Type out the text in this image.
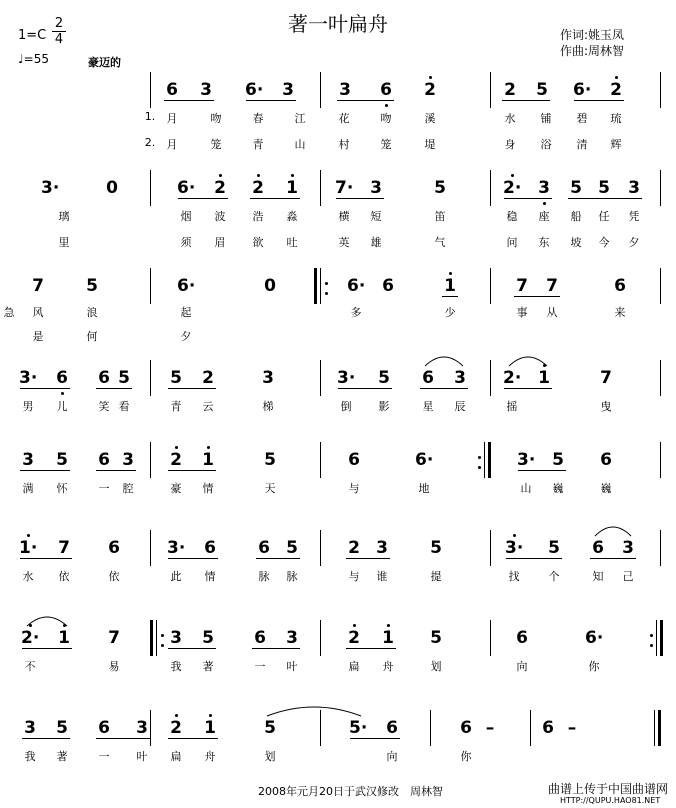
著一叶扁舟
1=C
2
4
♩=55	豪迈的
作词:姚玉凤
作曲:周林智
6 3 6· 3	3 6 2	2 5 6· 2
1.	月	吻	春	江	花	吻	溪	水	铺	碧	琉
2.	月	笼	青	山	村	笼	堤	身	浴	清	辉
3·	0	6· 2 2 1 7· 3	5	2· 3 5 5 3
璃	烟	波	浩	淼	横	短	笛	稳	座	船	任	凭
里	须	眉	欲	吐	英	雄	气	问	东	坡	今	夕
7 5	6·	0	6· 6	1	7 7	6
风	浪	起	多	少	事	从	来
急
是	何	夕
3· 6 6 5 5 2	3	3· 5 6 3 2· 1	7
男	儿	笑 看	青	云	梯	倒	影	星	辰	摇	曳
3 5 6 3 2 1	5	6	6·	3· 5 6
满	怀	一	腔	豪	情	天	与	地	山	巍	巍
1· 7 6	3· 6 6 5	2 3 5	3· 5 6 3
水	依	依	此	情	脉	脉	与	谁	提	找	个	知	己
2· 1 7	3 5 6 3	2 1 5	6	6·
不	易	我	著	一	叶	扁	舟	划	向	你
3 5 6 3 2 1	5	5· 6	6 –	6 –
我	著	一	叶	扁	舟	划	向	你
2008年元月20日于武汉修改　周林智	曲谱上传于中国曲谱网
HTTP://QUPU.HAO81.NET
